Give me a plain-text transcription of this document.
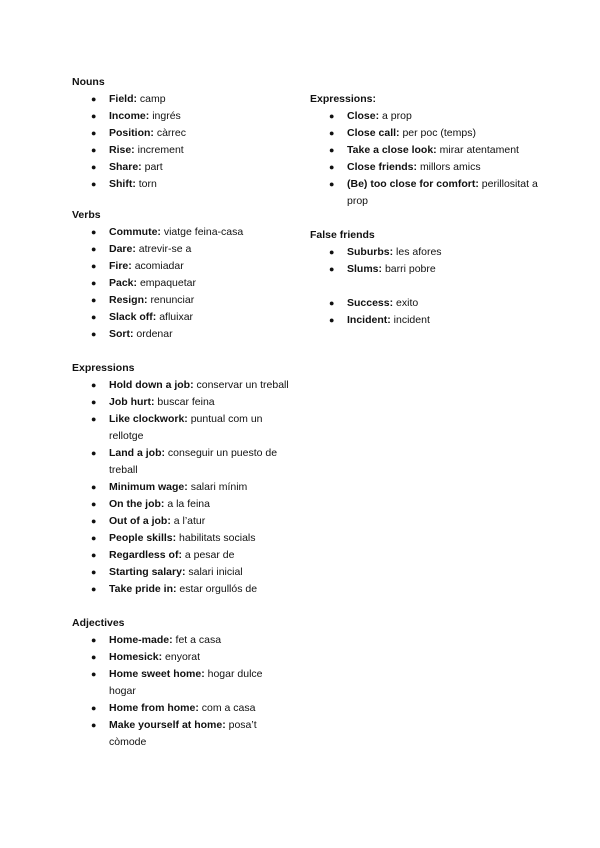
Nouns

● Field: camp
● Income: ingrés
● Position: càrrec
● Rise: increment
● Share: part
● Shift: torn

Verbs

● Commute: viatge feina-casa
● Dare: atrevir-se a
● Fire: acomiadar
● Pack: empaquetar
● Resign: renunciar
● Slack off: afluixar
● Sort: ordenar

Expressions

● Hold down a job: conservar un treball
● Job hurt: buscar feina
● Like clockwork: puntual com un rellotge
● Land a job: conseguir un puesto de treball
● Minimum wage: salari mínim
● On the job: a la feina
● Out of a job: a l’atur
● People skills: habilitats socials
● Regardless of: a pesar de
● Starting salary: salari inicial
● Take pride in: estar orgullós de

Adjectives

● Home-made: fet a casa
● Homesick: enyorat
● Home sweet home: hogar dulce hogar
● Home from home: com a casa
● Make yourself at home: posa’t còmode

Expressions:

● Close: a prop
● Close call: per poc (temps)
● Take a close look: mirar atentament
● Close friends: millors amics
● (Be) too close for comfort: perillositat a prop

False friends

● Suburbs: les afores
● Slums: barri pobre
● Success: exito
● Incident: incident
